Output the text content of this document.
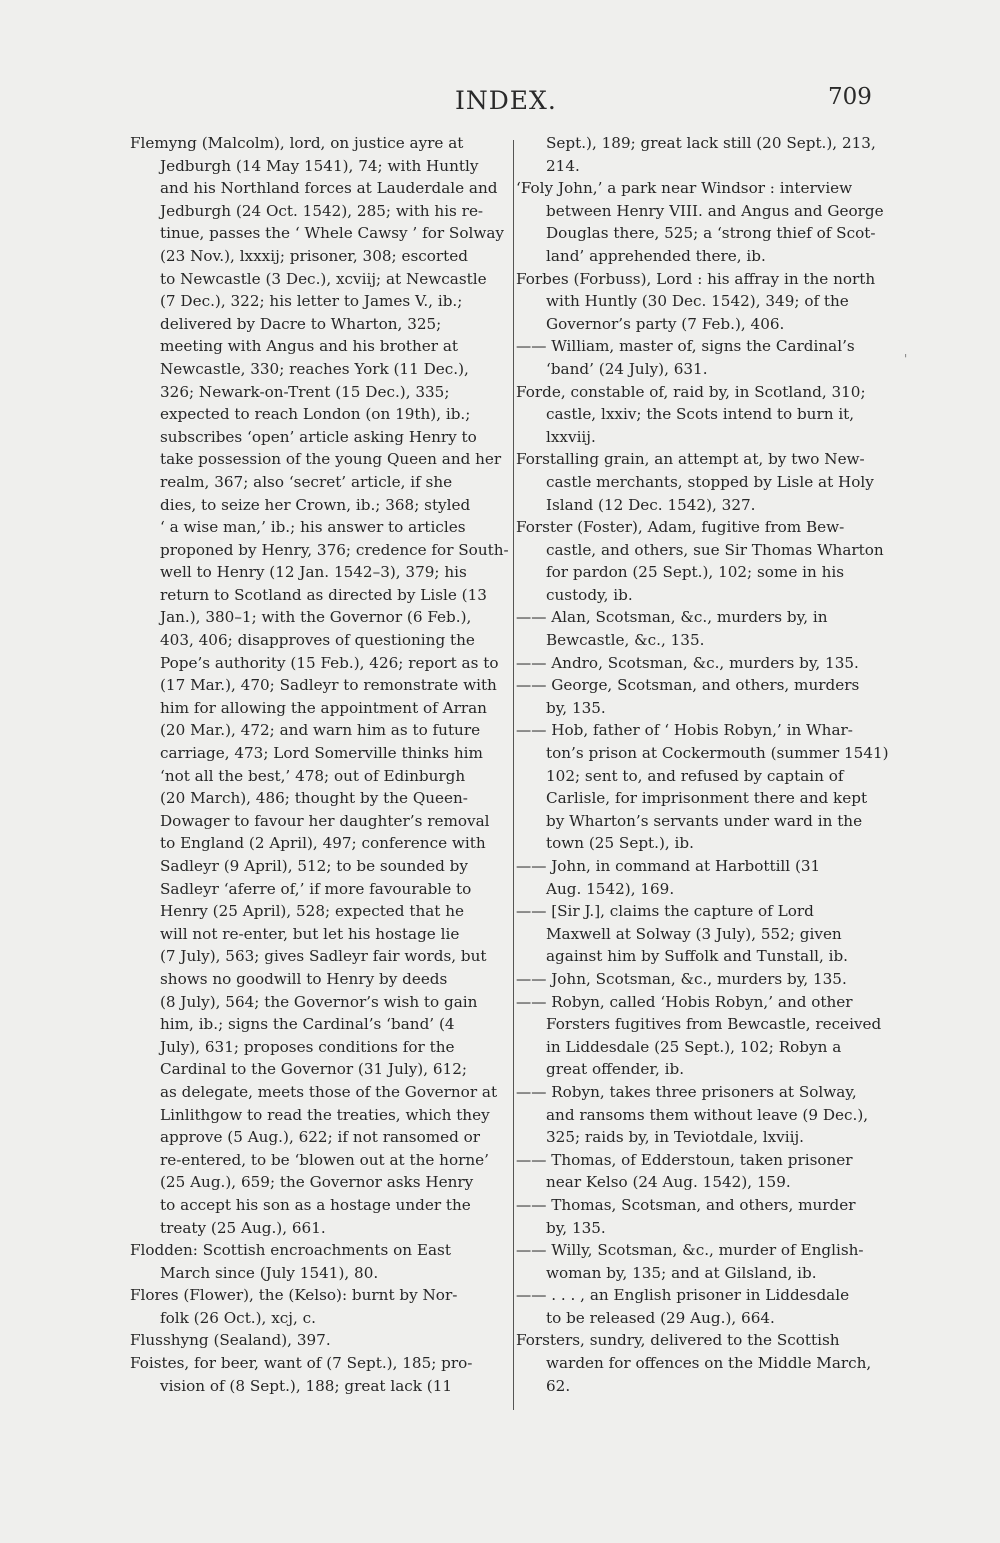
INDEX.	709
Flemyng (Malcolm), lord, on justice ayre at
Jedburgh (14 May 1541), 74; with Huntly
and his Northland forces at Lauderdale and
Jedburgh (24 Oct. 1542), 285; with his re-
tinue, passes the ‘ Whele Cawsy ’ for Solway
(23 Nov.), lxxxij; prisoner, 308; escorted
to Newcastle (3 Dec.), xcviij; at Newcastle
(7 Dec.), 322; his letter to James V., ib.;
delivered by Dacre to Wharton, 325;
meeting with Angus and his brother at
Newcastle, 330; reaches York (11 Dec.),
326; Newark-on-Trent (15 Dec.), 335;
expected to reach London (on 19th), ib.;
subscribes ‘open’ article asking Henry to
take possession of the young Queen and her
realm, 367; also ‘secret’ article, if she
dies, to seize her Crown, ib.; 368; styled
‘ a wise man,’ ib.; his answer to articles
proponed by Henry, 376; credence for South-
well to Henry (12 Jan. 1542–3), 379; his
return to Scotland as directed by Lisle (13
Jan.), 380–1; with the Governor (6 Feb.),
403, 406; disapproves of questioning the
Pope’s authority (15 Feb.), 426; report as to
(17 Mar.), 470; Sadleyr to remonstrate with
him for allowing the appointment of Arran
(20 Mar.), 472; and warn him as to future
carriage, 473; Lord Somerville thinks him
‘not all the best,’ 478; out of Edinburgh
(20 March), 486; thought by the Queen-
Dowager to favour her daughter’s removal
to England (2 April), 497; conference with
Sadleyr (9 April), 512; to be sounded by
Sadleyr ‘aferre of,’ if more favourable to
Henry (25 April), 528; expected that he
will not re-enter, but let his hostage lie
(7 July), 563; gives Sadleyr fair words, but
shows no goodwill to Henry by deeds
(8 July), 564; the Governor’s wish to gain
him, ib.; signs the Cardinal’s ‘band’ (4
July), 631; proposes conditions for the
Cardinal to the Governor (31 July), 612;
as delegate, meets those of the Governor at
Linlithgow to read the treaties, which they
approve (5 Aug.), 622; if not ransomed or
re-entered, to be ‘blowen out at the horne’
(25 Aug.), 659; the Governor asks Henry
to accept his son as a hostage under the
treaty (25 Aug.), 661.
Flodden: Scottish encroachments on East
March since (July 1541), 80.
Flores (Flower), the (Kelso): burnt by Nor-
folk (26 Oct.), xcj, c.
Flusshyng (Sealand), 397.
Foistes, for beer, want of (7 Sept.), 185; pro-
vision of (8 Sept.), 188; great lack (11
Sept.), 189; great lack still (20 Sept.), 213,
214.
‘Foly John,’ a park near Windsor : interview
between Henry VIII. and Angus and George
Douglas there, 525; a ‘strong thief of Scot-
land’ apprehended there, ib.
Forbes (Forbuss), Lord : his affray in the north
with Huntly (30 Dec. 1542), 349; of the
Governor’s party (7 Feb.), 406.
—— William, master of, signs the Cardinal’s
‘band’ (24 July), 631.
Forde, constable of, raid by, in Scotland, 310;
castle, lxxiv; the Scots intend to burn it,
lxxviij.
Forstalling grain, an attempt at, by two New-
castle merchants, stopped by Lisle at Holy
Island (12 Dec. 1542), 327.
Forster (Foster), Adam, fugitive from Bew-
castle, and others, sue Sir Thomas Wharton
for pardon (25 Sept.), 102; some in his
custody, ib.
—— Alan, Scotsman, &c., murders by, in
Bewcastle, &c., 135.
—— Andro, Scotsman, &c., murders by, 135.
—— George, Scotsman, and others, murders
by, 135.
—— Hob, father of ‘ Hobis Robyn,’ in Whar-
ton’s prison at Cockermouth (summer 1541)
102; sent to, and refused by captain of
Carlisle, for imprisonment there and kept
by Wharton’s servants under ward in the
town (25 Sept.), ib.
—— John, in command at Harbottill (31
Aug. 1542), 169.
—— [Sir J.], claims the capture of Lord
Maxwell at Solway (3 July), 552; given
against him by Suffolk and Tunstall, ib.
—— John, Scotsman, &c., murders by, 135.
—— Robyn, called ‘Hobis Robyn,’ and other
Forsters fugitives from Bewcastle, received
in Liddesdale (25 Sept.), 102; Robyn a
great offender, ib.
—— Robyn, takes three prisoners at Solway,
and ransoms them without leave (9 Dec.),
325; raids by, in Teviotdale, lxviij.
—— Thomas, of Edderstoun, taken prisoner
near Kelso (24 Aug. 1542), 159.
—— Thomas, Scotsman, and others, murder
by, 135.
—— Willy, Scotsman, &c., murder of English-
woman by, 135; and at Gilsland, ib.
—— . . . , an English prisoner in Liddesdale
to be released (29 Aug.), 664.
Forsters, sundry, delivered to the Scottish
warden for offences on the Middle March,
62.
'
